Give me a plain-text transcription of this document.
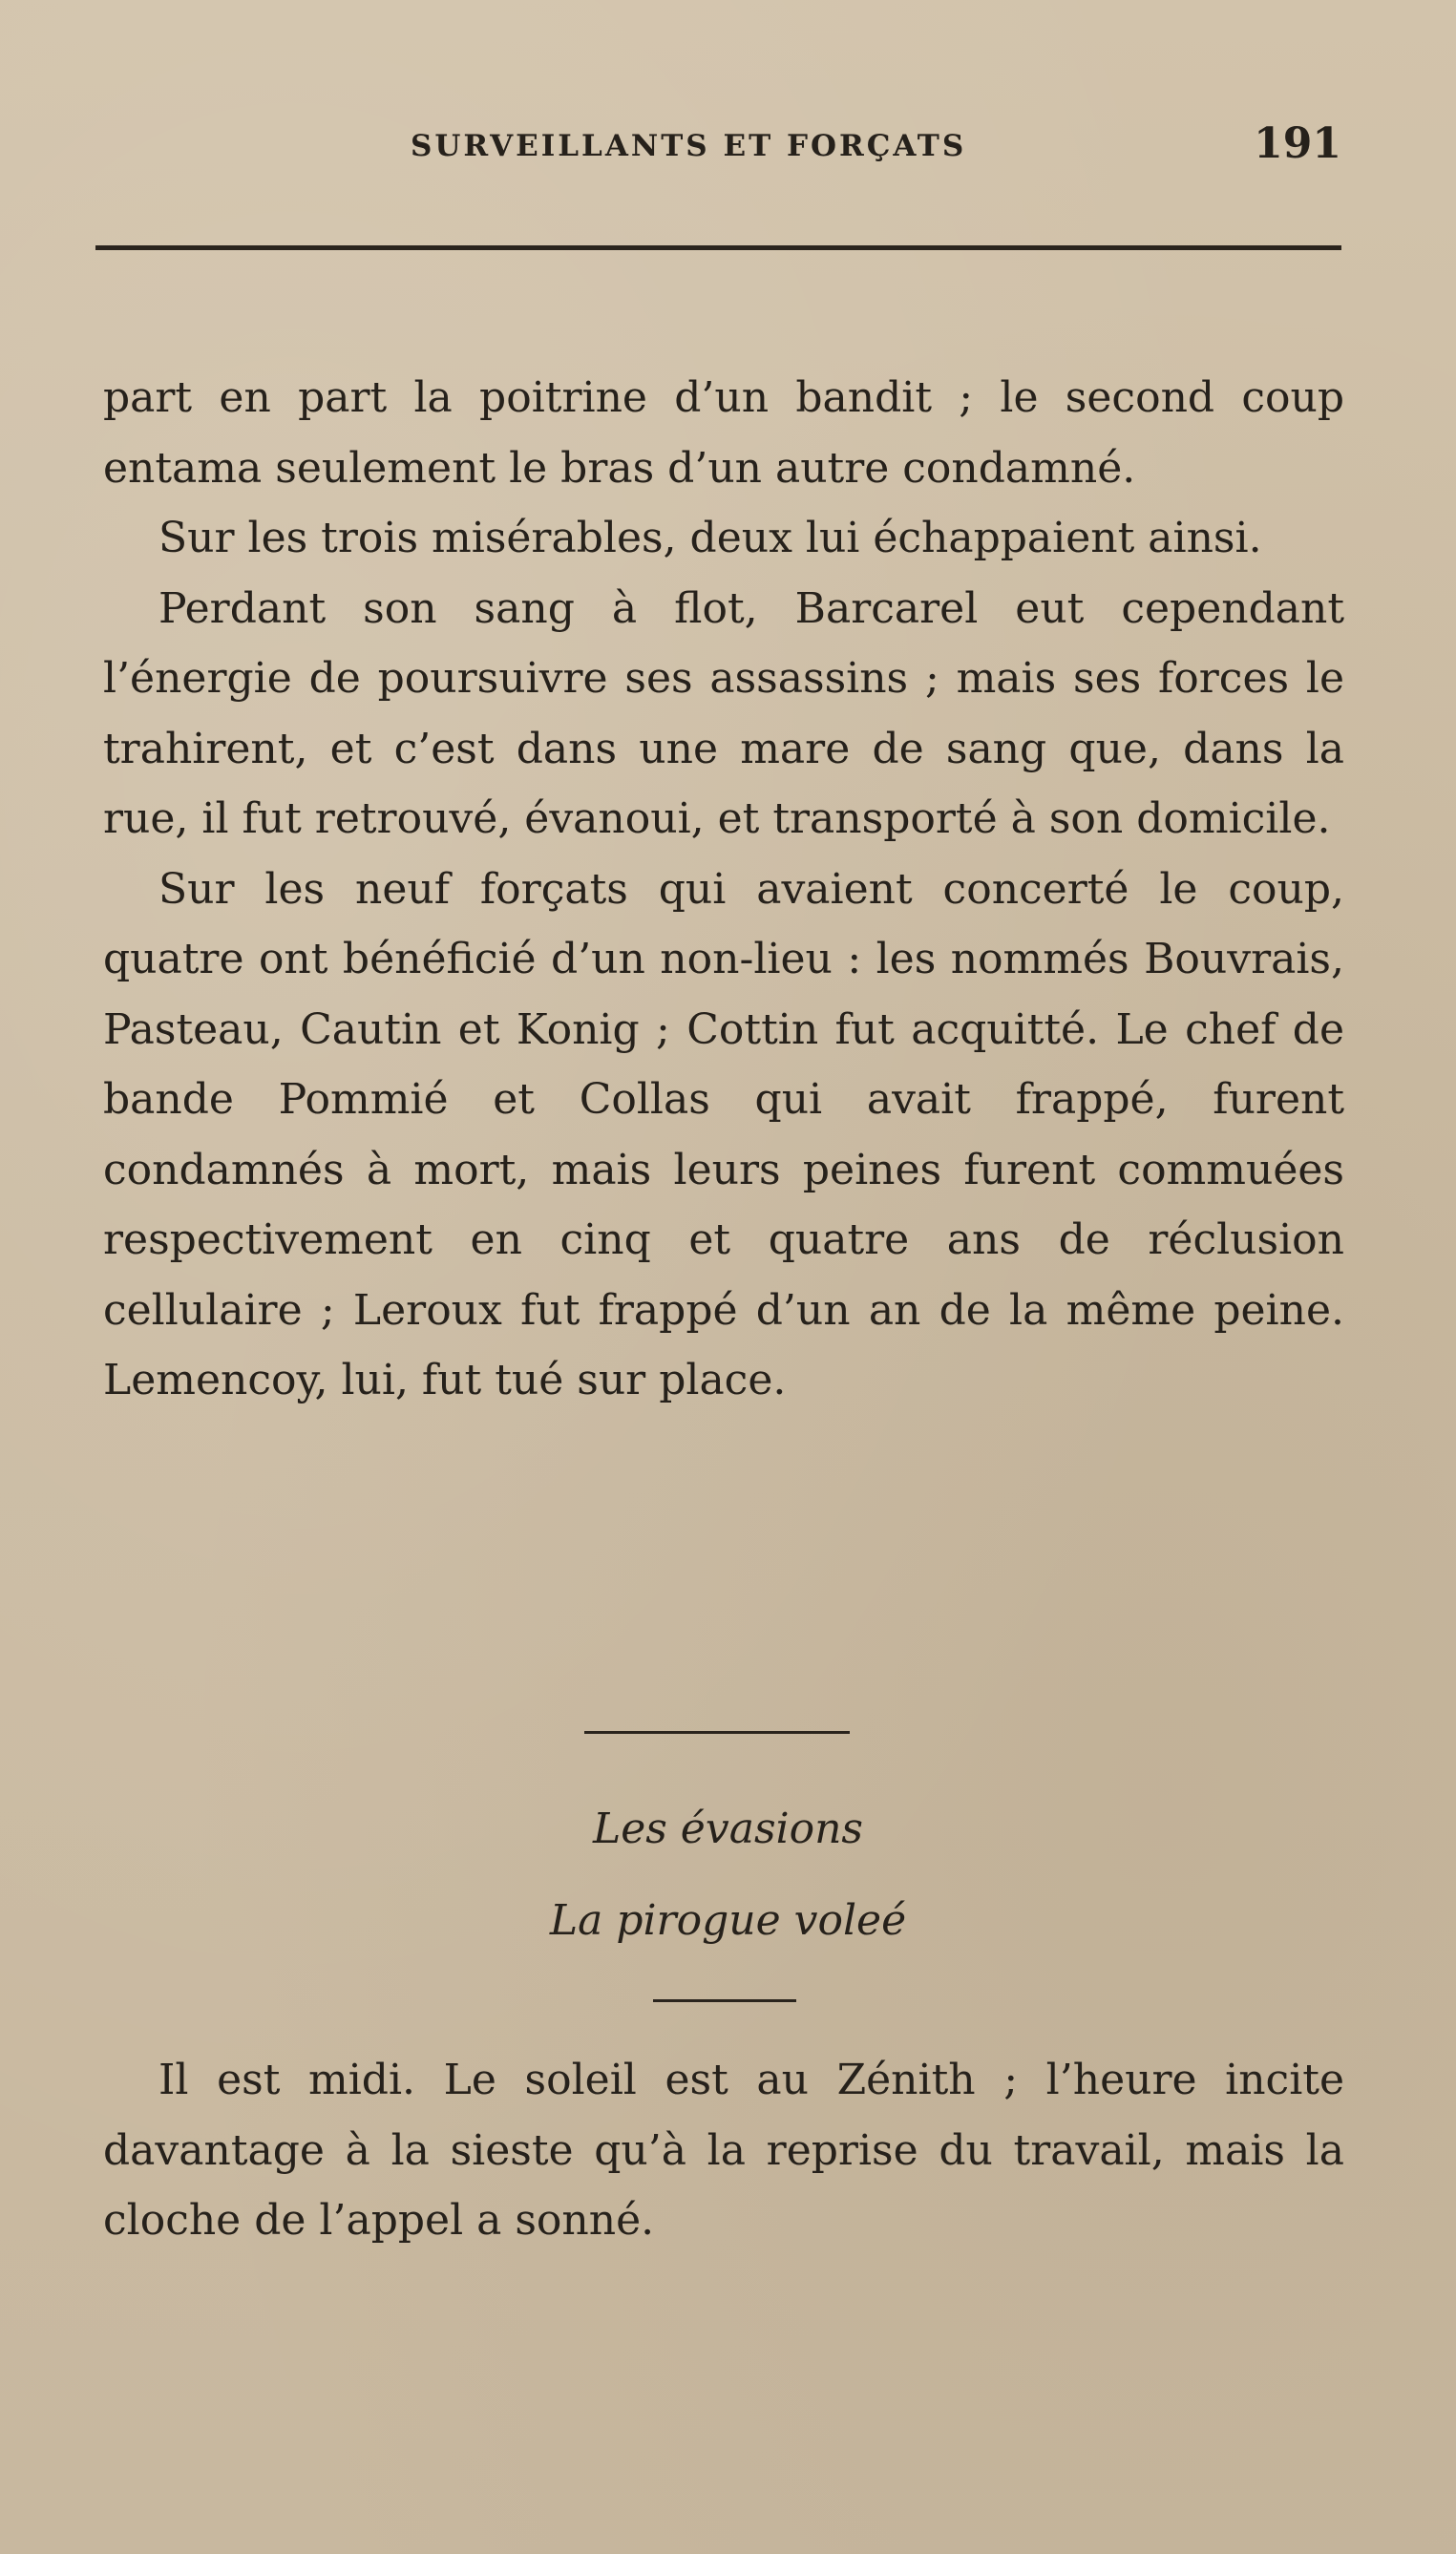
SURVEILLANTS ET FORÇATS	191

part en part la poitrine d’un bandit ; le second coup entama seulement le bras d’un autre condamné.

Sur les trois misérables, deux lui échappaient ainsi.

Perdant son sang à flot, Barcarel eut cependant l’énergie de poursuivre ses assassins ; mais ses forces le trahirent, et c’est dans une mare de sang que, dans la rue, il fut retrouvé, évanoui, et transporté à son domicile.

Sur les neuf forçats qui avaient concerté le coup, quatre ont bénéficié d’un non-lieu : les nommés Bouvrais, Pasteau, Cautin et Konig ; Cottin fut acquitté. Le chef de bande Pommié et Collas qui avait frappé, furent condamnés à mort, mais leurs peines furent commuées respectivement en cinq et quatre ans de réclusion cellulaire ; Leroux fut frappé d’un an de la même peine. Lemencoy, lui, fut tué sur place.

Les évasions
La pirogue voleé

Il est midi. Le soleil est au Zénith ; l’heure incite davantage à la sieste qu’à la reprise du travail, mais la cloche de l’appel a sonné.
